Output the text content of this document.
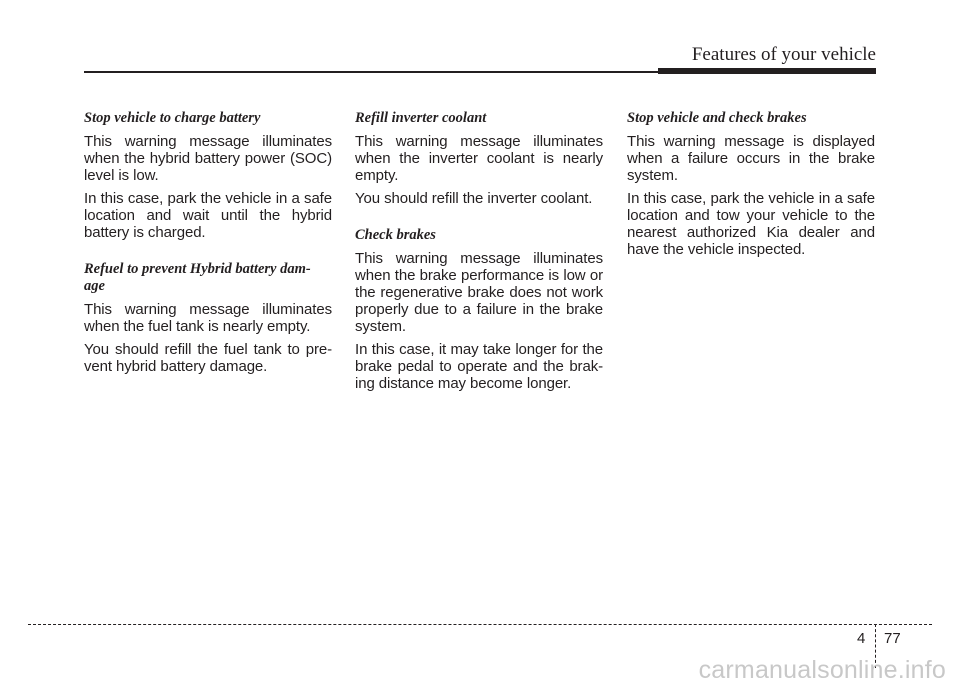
Features of your vehicle
Stop vehicle to charge battery

This warning message illuminates when the hybrid battery power (SOC) level is low.

In this case, park the vehicle in a safe location and wait until the hybrid battery is charged.

Refuel to prevent Hybrid battery dam- age

This warning message illuminates when the fuel tank is nearly empty.

You should refill the fuel tank to pre- vent hybrid battery damage.

Refill inverter coolant

This warning message illuminates when the inverter coolant is nearly empty.

You should refill the inverter coolant.

Check brakes

This warning message illuminates when the brake performance is low or the regenerative brake does not work properly due to a failure in the brake system.

In this case, it may take longer for the brake pedal to operate and the brak- ing distance may become longer.

Stop vehicle and check brakes

This warning message is displayed when a failure occurs in the brake system.

In this case, park the vehicle in a safe location and tow your vehicle to the nearest authorized Kia dealer and have the vehicle inspected.

4 77
carmanualsonline.info
